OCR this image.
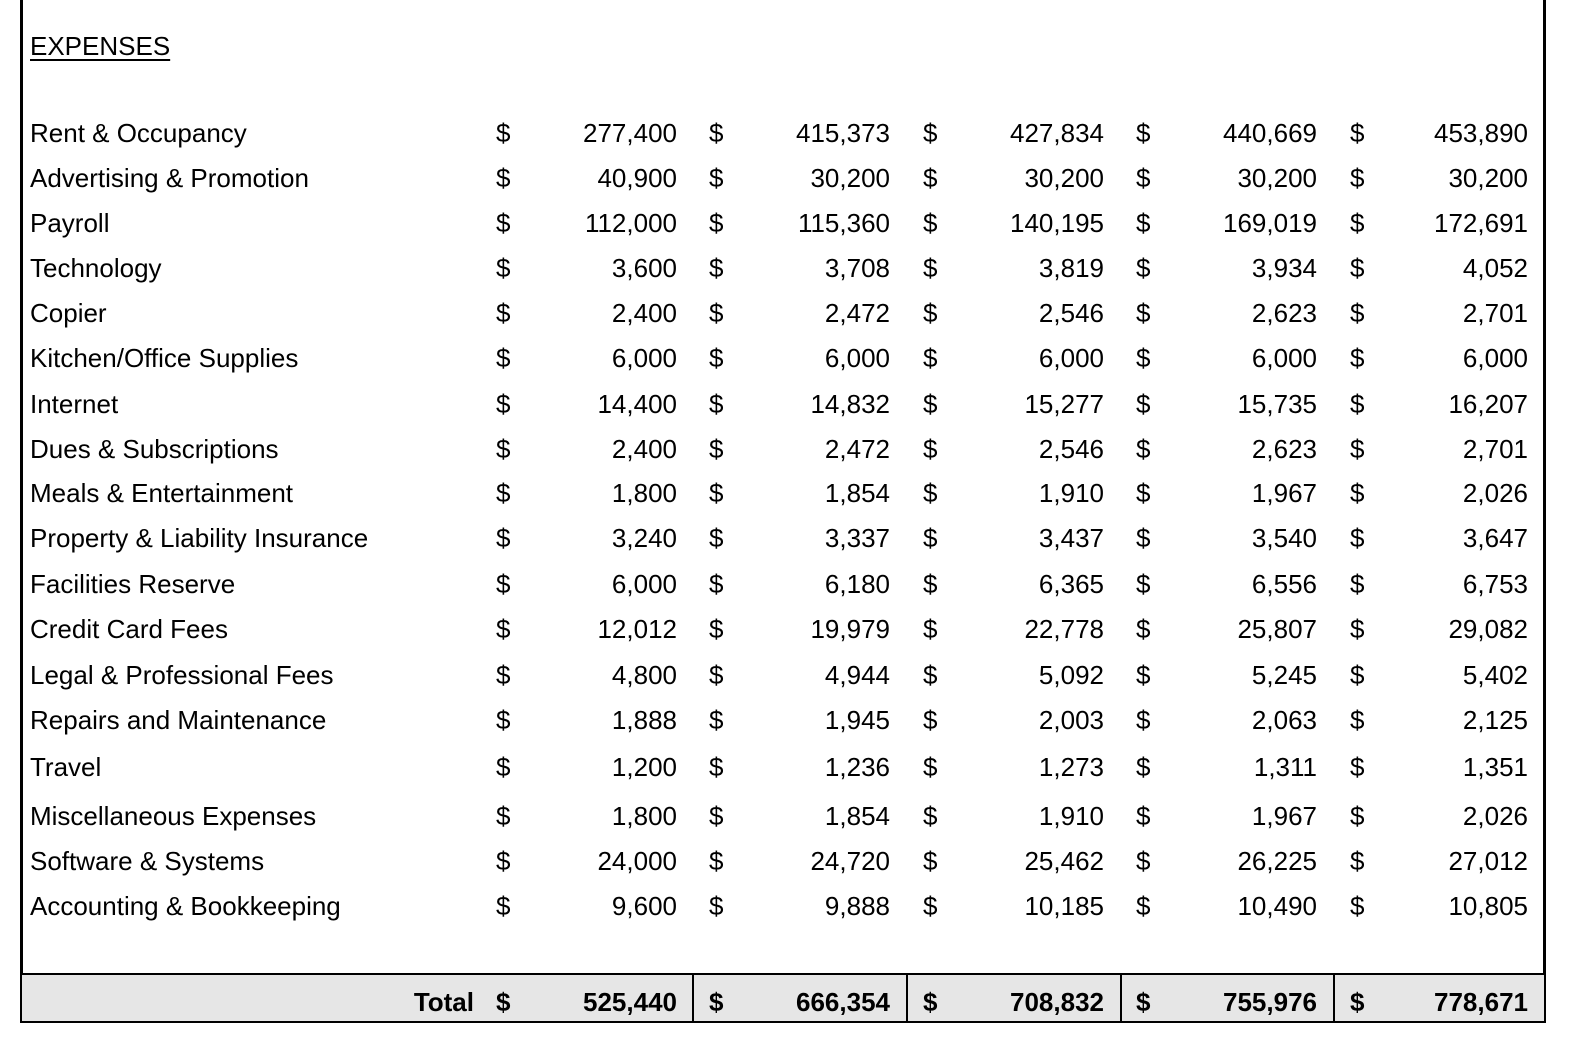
EXPENSES
Rent & Occupancy	$	277,400 $	415,373 $	427,834 $	440,669 $	453,890
Advertising & Promotion	$	40,900 $	30,200 $	30,200 $	30,200 $	30,200
Payroll	$	112,000 $	115,360 $	140,195 $	169,019 $	172,691
Technology	$	3,600 $	3,708 $	3,819 $	3,934 $	4,052
Copier	$	2,400 $	2,472 $	2,546 $	2,623 $	2,701
Kitchen/Office Supplies	$	6,000 $	6,000 $	6,000 $	6,000 $	6,000
Internet	$	14,400 $	14,832 $	15,277 $	15,735 $	16,207
Dues & Subscriptions	$	2,400 $	2,472 $	2,546 $	2,623 $	2,701
Meals & Entertainment	$	1,800 $	1,854 $	1,910 $	1,967 $	2,026
Property & Liability Insurance	$	3,240 $	3,337 $	3,437 $	3,540 $	3,647
Facilities Reserve	$	6,000 $	6,180 $	6,365 $	6,556 $	6,753
Credit Card Fees	$	12,012 $	19,979 $	22,778 $	25,807 $	29,082
Legal & Professional Fees	$	4,800 $	4,944 $	5,092 $	5,245 $	5,402
Repairs and Maintenance	$	1,888 $	1,945 $	2,003 $	2,063 $	2,125
Travel	$	1,200 $	1,236 $	1,273 $	1,311 $	1,351
Miscellaneous Expenses	$	1,800 $	1,854 $	1,910 $	1,967 $	2,026
Software & Systems	$	24,000 $	24,720 $	25,462 $	26,225 $	27,012
Accounting & Bookkeeping	$	9,600 $	9,888 $	10,185 $	10,490 $	10,805
Total $	525,440 $	666,354 $	708,832 $	755,976 $	778,671
